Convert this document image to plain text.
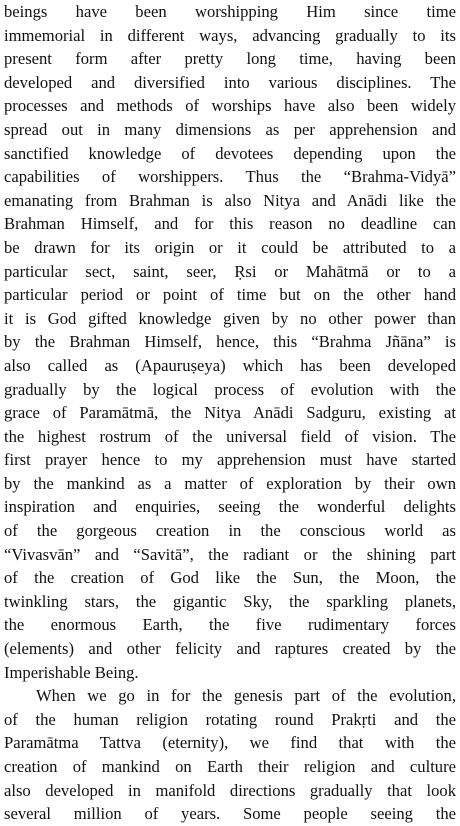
beings have been worshipping Him since time
immemorial in different ways, advancing gradually to its
present form after pretty long time, having been
developed and diversified into various disciplines. The
processes and methods of worships have also been widely
spread out in many dimensions as per apprehension and
sanctified knowledge of devotees depending upon the
capabilities of worshippers. Thus the “Brahma-Vidyā”
emanating from Brahman is also Nitya and Anādi like the
Brahman Himself, and for this reason no deadline can
be drawn for its origin or it could be attributed to a
particular sect, saint, seer, Ṛsi or Mahātmā or to a
particular period or point of time but on the other hand
it is God gifted knowledge given by no other power than
by the Brahman Himself, hence, this “Brahma Jñāna” is
also called as (Apauruṣeya) which has been developed
gradually by the logical process of evolution with the
grace of Paramātmā, the Nitya Anādi Sadguru, existing at
the highest rostrum of the universal field of vision. The
first prayer hence to my apprehension must have started
by the mankind as a matter of exploration by their own
inspiration and enquiries, seeing the wonderful delights
of the gorgeous creation in the conscious world as
“Vivasvān” and “Savitā”, the radiant or the shining part
of the creation of God like the Sun, the Moon, the
twinkling stars, the gigantic Sky, the sparkling planets,
the enormous Earth, the five rudimentary forces
(elements) and other felicity and raptures created by the
Imperishable Being.
When we go in for the genesis part of the evolution,
of the human religion rotating round Prakṛti and the
Paramātma Tattva (eternity), we find that with the
creation of mankind on Earth their religion and culture
also developed in manifold directions gradually that look
several million of years. Some people seeing the
